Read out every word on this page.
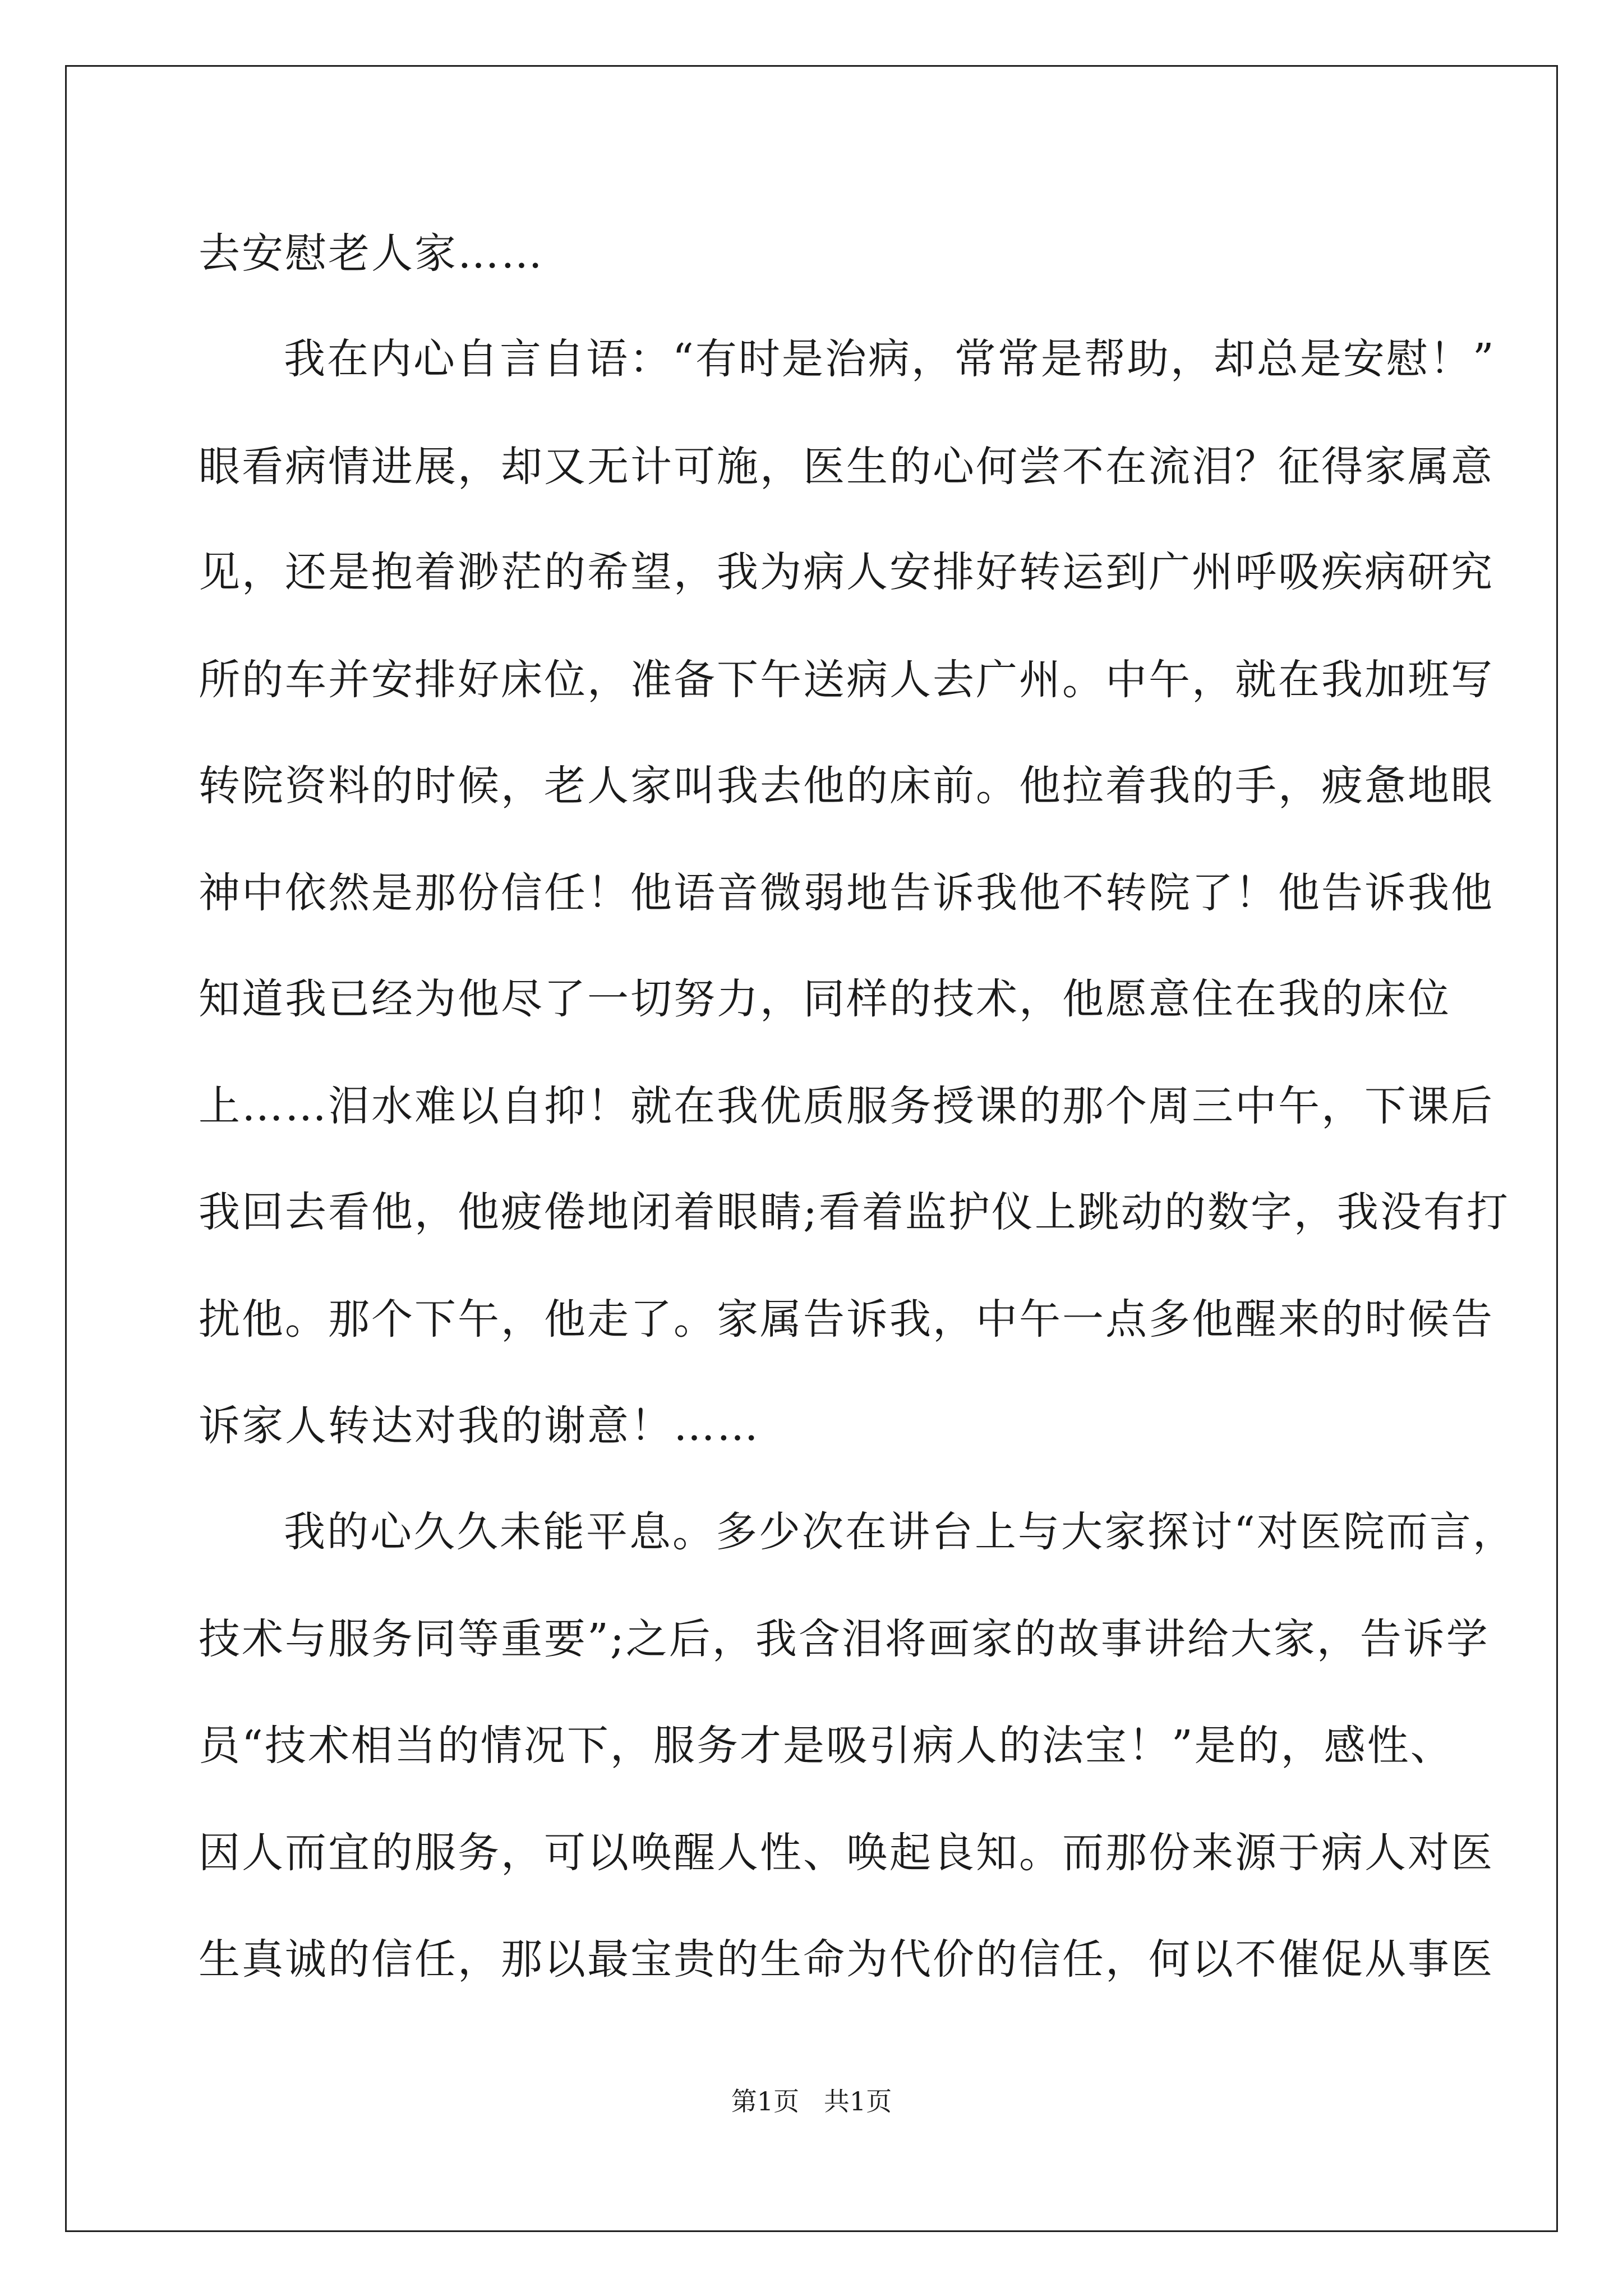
去安慰老人家……
我在内心自言自语：“有时是治病，常常是帮助，却总是安慰！”
眼看病情进展，却又无计可施，医生的心何尝不在流泪？征得家属意
见，还是抱着渺茫的希望，我为病人安排好转运到广州呼吸疾病研究
所的车并安排好床位，准备下午送病人去广州。中午，就在我加班写
转院资料的时候，老人家叫我去他的床前。他拉着我的手，疲惫地眼
神中依然是那份信任！他语音微弱地告诉我他不转院了！他告诉我他
知道我已经为他尽了一切努力，同样的技术，他愿意住在我的床位
上……泪水难以自抑！就在我优质服务授课的那个周三中午，下课后
我回去看他，他疲倦地闭着眼睛;看着监护仪上跳动的数字，我没有打
扰他。那个下午，他走了。家属告诉我，中午一点多他醒来的时候告
诉家人转达对我的谢意！……
我的心久久未能平息。多少次在讲台上与大家探讨“对医院而言，
技术与服务同等重要”;之后，我含泪将画家的故事讲给大家，告诉学
员“技术相当的情况下，服务才是吸引病人的法宝！”是的，感性、
因人而宜的服务，可以唤醒人性、唤起良知。而那份来源于病人对医
生真诚的信任，那以最宝贵的生命为代价的信任，何以不催促从事医
第1页   共1页
